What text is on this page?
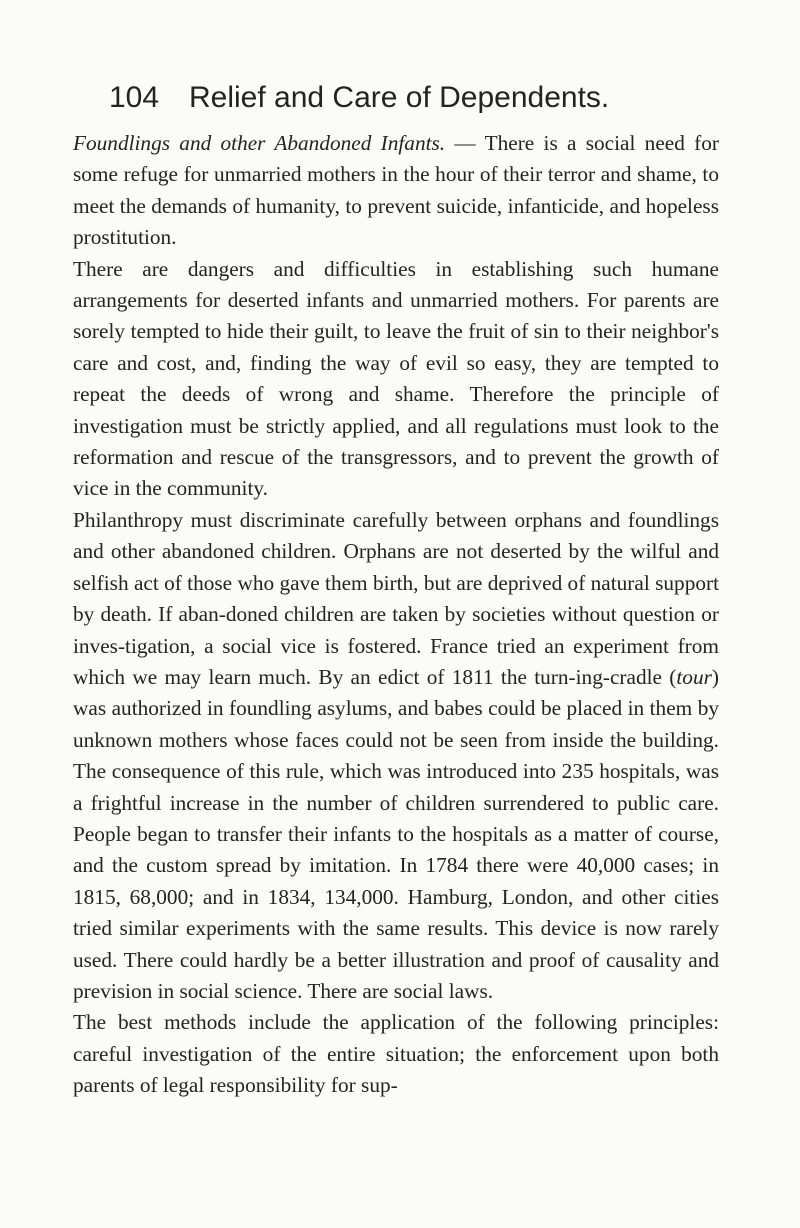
104 Relief and Care of Dependents.

Foundlings and other Abandoned Infants. — There is a social need for some refuge for unmarried mothers in the hour of their terror and shame, to meet the demands of humanity, to prevent suicide, infanticide, and hopeless prostitution.

There are dangers and difficulties in establishing such humane arrangements for deserted infants and unmarried mothers. For parents are sorely tempted to hide their guilt, to leave the fruit of sin to their neighbor's care and cost, and, finding the way of evil so easy, they are tempted to repeat the deeds of wrong and shame. Therefore the principle of investigation must be strictly applied, and all regulations must look to the reformation and rescue of the transgressors, and to prevent the growth of vice in the community.

Philanthropy must discriminate carefully between orphans and foundlings and other abandoned children. Orphans are not deserted by the wilful and selfish act of those who gave them birth, but are deprived of natural support by death. If aban-doned children are taken by societies without question or inves-tigation, a social vice is fostered. France tried an experiment from which we may learn much. By an edict of 1811 the turn-ing-cradle (tour) was authorized in foundling asylums, and babes could be placed in them by unknown mothers whose faces could not be seen from inside the building. The consequence of this rule, which was introduced into 235 hospitals, was a frightful increase in the number of children surrendered to public care. People began to transfer their infants to the hospitals as a matter of course, and the custom spread by imitation. In 1784 there were 40,000 cases; in 1815, 68,000; and in 1834, 134,000. Hamburg, London, and other cities tried similar experiments with the same results. This device is now rarely used. There could hardly be a better illustration and proof of causality and prevision in social science. There are social laws.

The best methods include the application of the following principles: careful investigation of the entire situation; the enforcement upon both parents of legal responsibility for sup-
